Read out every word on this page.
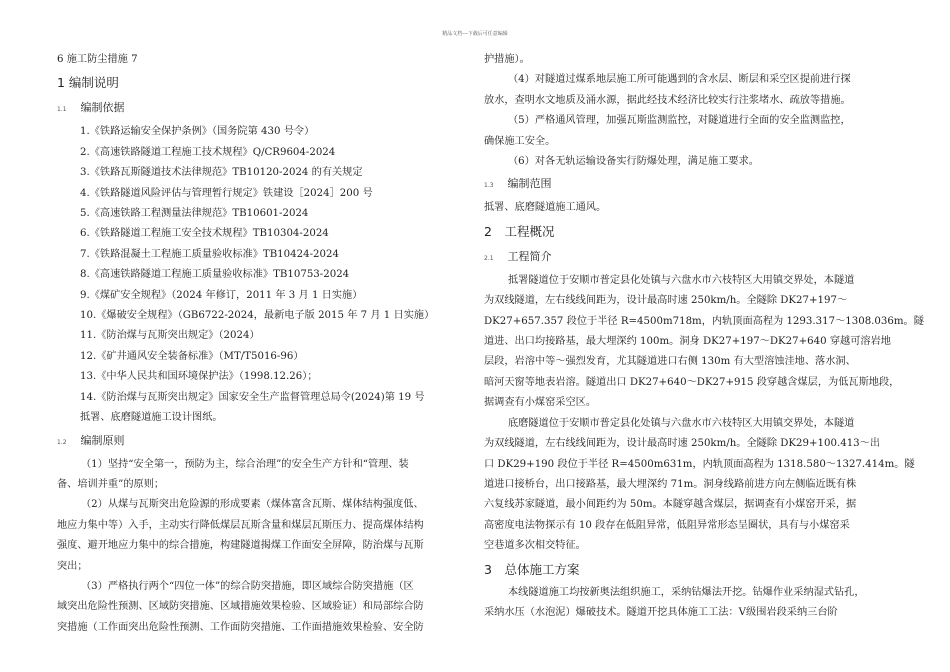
精品文档---下载后可任意编辑

6 施工防尘措施 7

1 编制说明

1.1 编制依据

1.《铁路运输安全保护条例》（国务院第 430 号令）

2.《高速铁路隧道工程施工技术规程》Q/CR9604-2024

3.《铁路瓦斯隧道技术法律规范》TB10120-2024 的有关规定

4.《铁路隧道风险评估与管理暂行规定》铁建设［2024］200 号

5.《高速铁路工程测量法律规范》TB10601-2024

6.《铁路隧道工程施工安全技术规程》TB10304-2024

7.《铁路混凝土工程施工质量验收标准》TB10424-2024

8.《高速铁路隧道工程施工质量验收标准》TB10753-2024

9.《煤矿安全规程》（2024 年修订，2011 年 3 月 1 日实施）

10.《爆破安全规程》（GB6722-2024，最新电子版 2015 年 7 月 1 日实施）

11.《防治煤与瓦斯突出规定》（2024）

12.《矿井通风安全装备标准》（MT/T5016-96）

13.《中华人民共和国环境保护法》（1998.12.26）；

14.《防治煤与瓦斯突出规定》国家安全生产监督管理总局令(2024)第 19 号

抵署、底磨隧道施工设计图纸。

1.2 编制原则

（1）坚持“安全第一，预防为主，综合治理”的安全生产方针和“管理、装

备、培训并重”的原则；

（2）从煤与瓦斯突出危险源的形成要素（煤体富含瓦斯、煤体结构强度低、

地应力集中等）入手，主动实行降低煤层瓦斯含量和煤层瓦斯压力、提高煤体结构

强度、避开地应力集中的综合措施，构建隧道揭煤工作面安全屏障，防治煤与瓦斯

突出；

（3）严格执行两个“四位一体”的综合防突措施，即区域综合防突措施（区

域突出危险性预测、区域防突措施、区域措施效果检验、区域验证）和局部综合防

突措施（工作面突出危险性预测、工作面防突措施、工作面措施效果检验、安全防

护措施）。

（4）对隧道过煤系地层施工所可能遇到的含水层、断层和采空区提前进行探

放水，查明水文地质及涌水源，据此经技术经济比较实行注浆堵水、疏放等措施。

（5）严格通风管理，加强瓦斯监测监控，对隧道进行全面的安全监测监控，

确保施工安全。

（6）对各无轨运输设备实行防爆处理，满足施工要求。

1.3 编制范围

抵署、底磨隧道施工通风。

2　工程概况

2.1 工程简介

抵署隧道位于安顺市普定县化处镇与六盘水市六枝特区大用镇交界处，本隧道

为双线隧道，左右线线间距为，设计最高时速 250km/h。全隧除 DK27+197～

DK27+657.357 段位于半径 R=4500m718m，内轨顶面高程为 1293.317～1308.036m。隧

道进、出口均接路基，最大埋深约 100m。洞身 DK27+197～DK27+640 穿越可溶岩地

层段，岩溶中等～强烈发育，尤其隧道进口右侧 130m 有大型溶蚀洼地、落水洞、

暗河天窗等地表岩溶。隧道出口 DK27+640～DK27+915 段穿越含煤层，为低瓦斯地段，

据调查有小煤窑采空区。

底磨隧道位于安顺市普定县化处镇与六盘水市六枝特区大用镇交界处，本隧道

为双线隧道，左右线线间距为，设计最高时速 250km/h。全隧除 DK29+100.413～出

口 DK29+190 段位于半径 R=4500m631m，内轨顶面高程为 1318.580～1327.414m。隧

道进口接桥台，出口接路基，最大埋深约 71m。洞身线路前进方向左侧临近既有株

六复线苏家隧道，最小间距约为 50m。本隧穿越含煤层，据调查有小煤窑开采，据

高密度电法物探示有 10 段存在低阻异常，低阻异常形态呈圈状，具有与小煤窑采

空巷道多次相交特征。

3　总体施工方案

本线隧道施工均按新奥法组织施工，采纳钻爆法开挖。钻爆作业采纳湿式钻孔，

采纳水压（水泡泥）爆破技术。隧道开挖具体施工工法：Ⅴ级围岩段采纳三台阶
